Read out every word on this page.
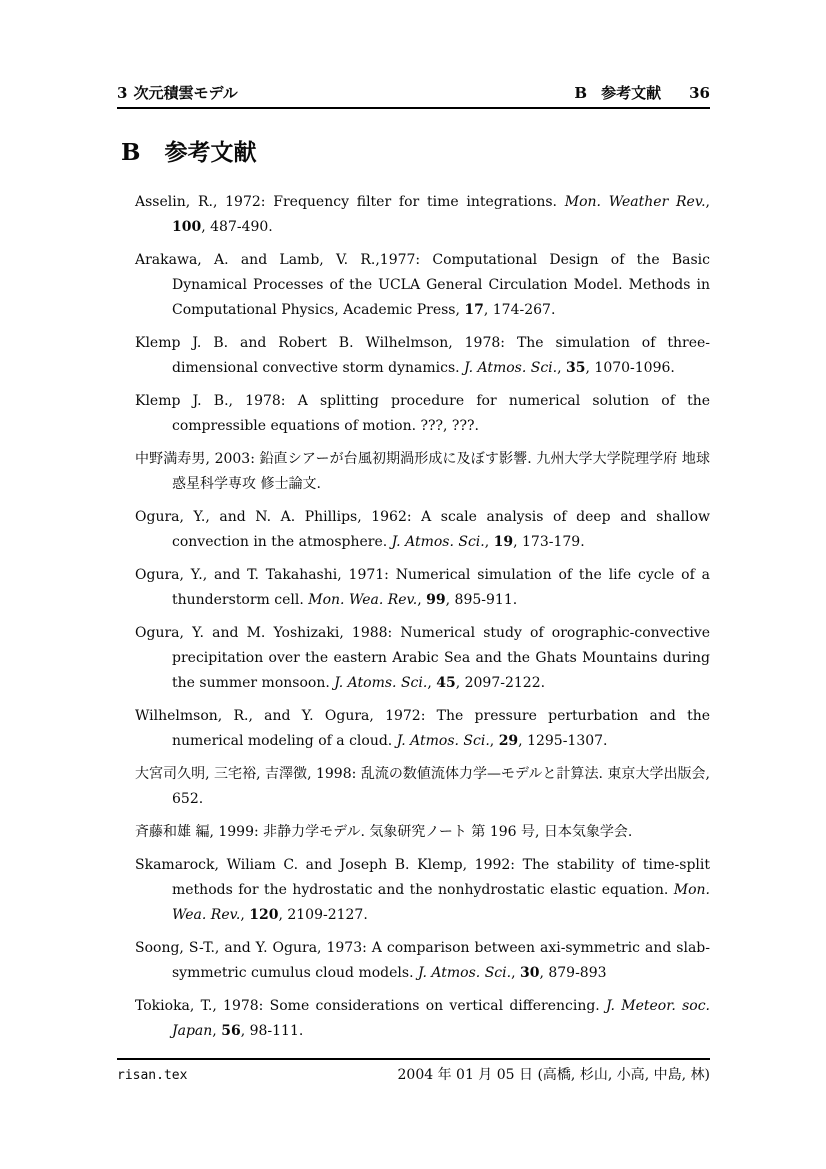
3 次元積雲モデル	B 参考文献 36
B 参考文献

Asselin, R., 1972: Frequency filter for time integrations. Mon. Weather Rev., 100, 487-490.

Arakawa, A. and Lamb, V. R.,1977: Computational Design of the Basic Dynamical Processes of the UCLA General Circulation Model. Methods in Computational Physics, Academic Press, 17, 174-267.

Klemp J. B. and Robert B. Wilhelmson, 1978: The simulation of three-dimensional convective storm dynamics. J. Atmos. Sci., 35, 1070-1096.

Klemp J. B., 1978: A splitting procedure for numerical solution of the compressible equations of motion. ???, ???.

中野満寿男, 2003: 鉛直シアーが台風初期渦形成に及ぼす影響. 九州大学大学院理学府 地球惑星科学専攻 修士論文.

Ogura, Y., and N. A. Phillips, 1962: A scale analysis of deep and shallow convection in the atmosphere. J. Atmos. Sci., 19, 173-179.

Ogura, Y., and T. Takahashi, 1971: Numerical simulation of the life cycle of a thunderstorm cell. Mon. Wea. Rev., 99, 895-911.

Ogura, Y. and M. Yoshizaki, 1988: Numerical study of orographic-convective precipitation over the eastern Arabic Sea and the Ghats Mountains during the summer monsoon. J. Atoms. Sci., 45, 2097-2122.

Wilhelmson, R., and Y. Ogura, 1972: The pressure perturbation and the numerical modeling of a cloud. J. Atmos. Sci., 29, 1295-1307.

大宮司久明, 三宅裕, 吉澤徴, 1998: 乱流の数値流体力学—モデルと計算法. 東京大学出版会, 652.

斉藤和雄 編, 1999: 非静力学モデル. 気象研究ノート 第 196 号, 日本気象学会.

Skamarock, Wiliam C. and Joseph B. Klemp, 1992: The stability of time-split methods for the hydrostatic and the nonhydrostatic elastic equation. Mon. Wea. Rev., 120, 2109-2127.

Soong, S-T., and Y. Ogura, 1973: A comparison between axi-symmetric and slab-symmetric cumulus cloud models. J. Atmos. Sci., 30, 879-893

Tokioka, T., 1978: Some considerations on vertical differencing. J. Meteor. soc. Japan, 56, 98-111.

risan.tex	2004 年 01 月 05 日 (高橋, 杉山, 小高, 中島, 林)
